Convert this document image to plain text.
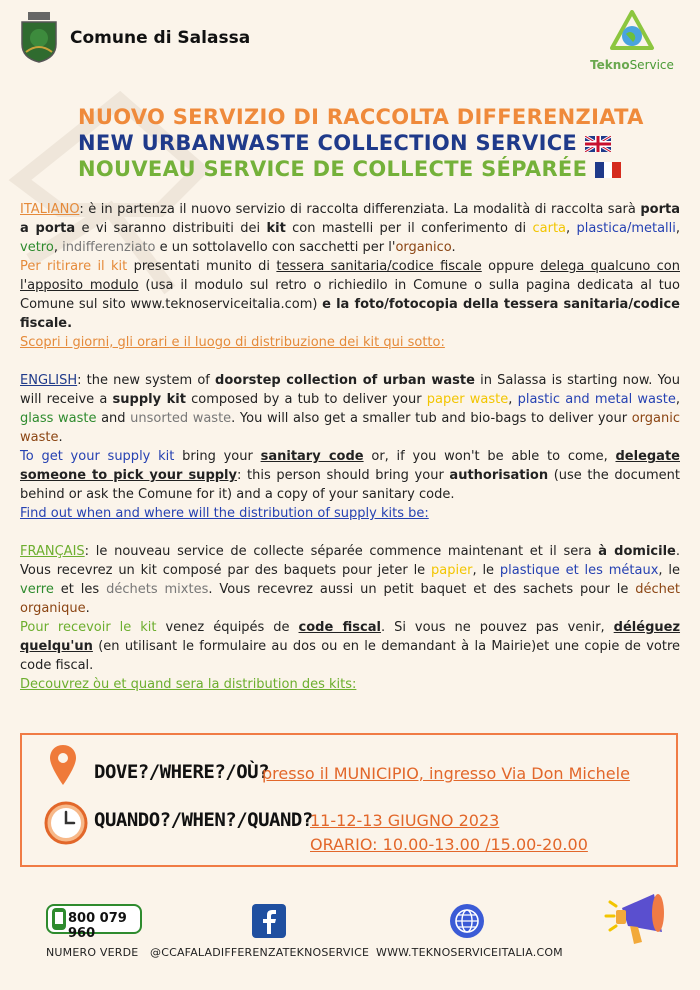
Comune di Salassa
TeknoService
NUOVO SERVIZIO DI RACCOLTA DIFFERENZIATA
NEW URBANWASTE COLLECTION SERVICE
NOUVEAU SERVICE DE COLLECTE SÉPARÉE

ITALIANO: è in partenza il nuovo servizio di raccolta differenziata. La modalità di raccolta sarà porta a porta e vi saranno distribuiti dei kit con mastelli per il conferimento di carta, plastica/metalli, vetro, indifferenziato e un sottolavello con sacchetti per l'organico.

Per ritirare il kit presentati munito di tessera sanitaria/codice fiscale oppure delega qualcuno con l'apposito modulo (usa il modulo sul retro o richiedilo in Comune o sulla pagina dedicata al tuo Comune sul sito www.teknoserviceitalia.com) e la foto/fotocopia della tessera sanitaria/codice fiscale.

Scopri i giorni, gli orari e il luogo di distribuzione dei kit qui sotto:

ENGLISH: the new system of doorstep collection of urban waste in Salassa is starting now. You will receive a supply kit composed by a tub to deliver your paper waste, plastic and metal waste, glass waste and unsorted waste. You will also get a smaller tub and bio-bags to deliver your organic waste.

To get your supply kit bring your sanitary code or, if you won't be able to come, delegate someone to pick your supply: this person should bring your authorisation (use the document behind or ask the Comune for it) and a copy of your sanitary code.

Find out when and where will the distribution of supply kits be:

FRANÇAIS: le nouveau service de collecte séparée commence maintenant et il sera à domicile. Vous recevrez un kit composé par des baquets pour jeter le papier, le plastique et les métaux, le verre et les déchets mixtes. Vous recevrez aussi un petit baquet et des sachets pour le déchet organique.

Pour recevoir le kit venez équipés de code fiscal. Si vous ne pouvez pas venir, déléguez quelqu'un (en utilisant le formulaire au dos ou en le demandant à la Mairie)et une copie de votre code fiscal.

Decouvrez òu et quand sera la distribution des kits:

DOVE?/WHERE?/OÙ?
presso il MUNICIPIO, ingresso Via Don Michele
QUANDO?/WHEN?/QUAND?
11-12-13 GIUGNO 2023
ORARIO: 10.00-13.00 /15.00-20.00
800 079 960
NUMERO VERDE @CCAFALADIFFERENZATEKNOSERVICE WWW.TEKNOSERVICEITALIA.COM
